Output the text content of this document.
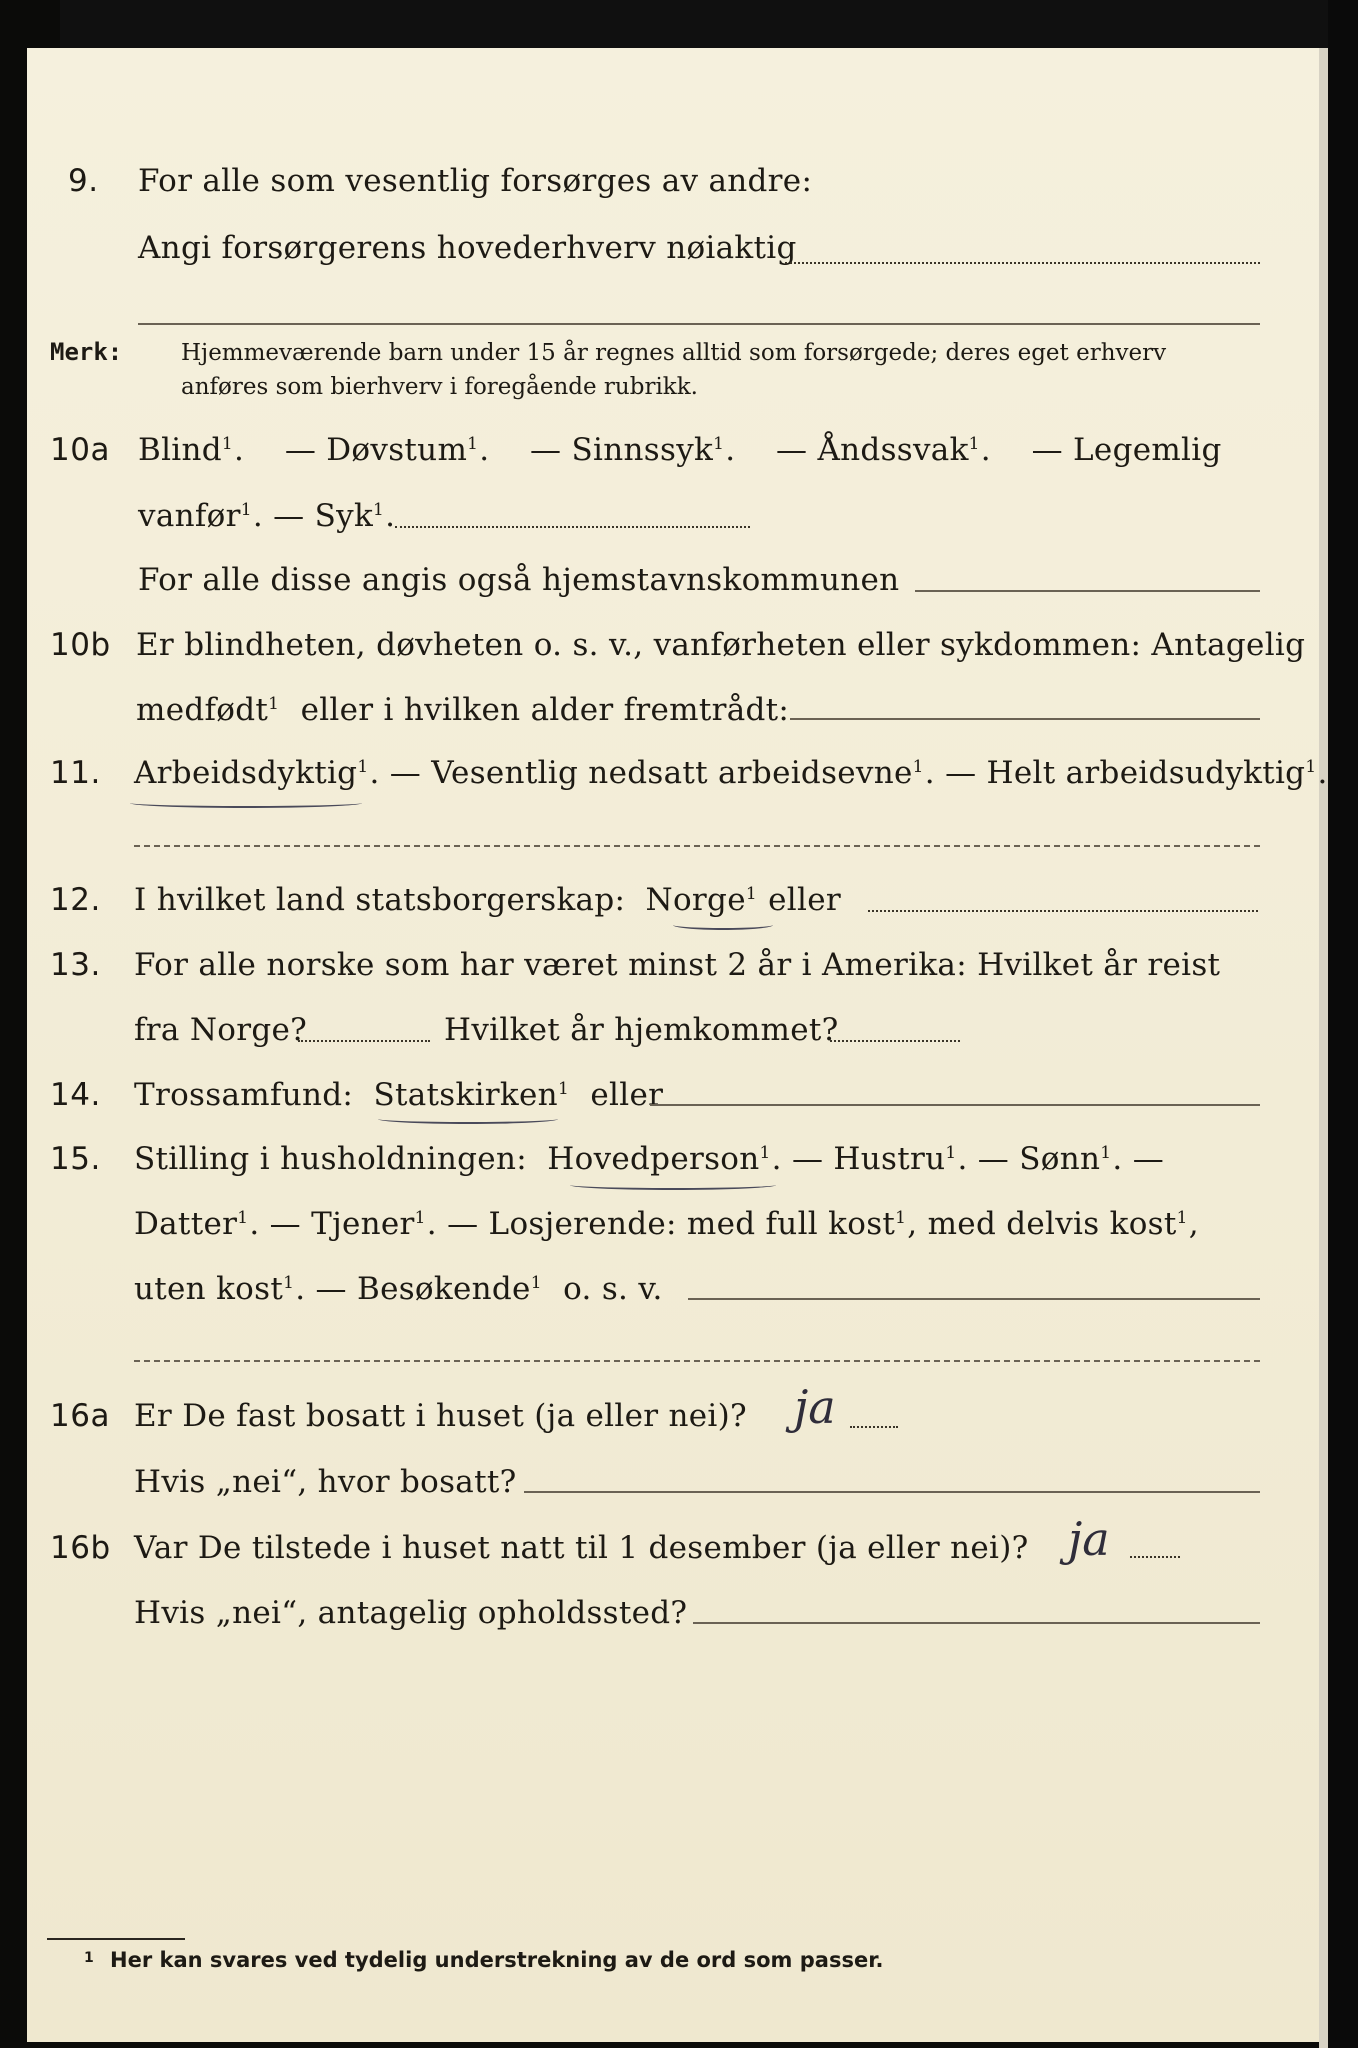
9. For alle som vesentlig forsørges av andre:
Angi forsørgerens hovederhverv nøiaktig
Merk:	Hjemmeværende barn under 15 år regnes alltid som forsørgede; deres eget erhverv
anføres som bierhverv i foregående rubrikk.
10a Blind$^1$.    — Døvstum$^1$.    — Sinnssyk$^1$.    — Åndssvak$^1$.    — Legemlig
vanfør$^1$. — Syk$^1$.
For alle disse angis også hjemstavnskommunen
10b Er blindheten, døvheten o. s. v., vanførheten eller sykdommen: Antagelig
medfødt$^1$ eller i hvilken alder fremtrådt:
11. Arbeidsdyktig$^1$. — Vesentlig nedsatt arbeidsevne$^1$. — Helt arbeidsudyktig$^1$.
12. I hvilket land statsborgerskap: Norge$^1$ eller
13. For alle norske som har været minst 2 år i Amerika: Hvilket år reist
fra Norge?	Hvilket år hjemkommet?
14. Trossamfund: Statskirken$^1$ eller
15. Stilling i husholdningen: Hovedperson$^1$. — Hustru$^1$. — Sønn$^1$. —
Datter$^1$. — Tjener$^1$. — Losjerende: med full kost$^1$, med delvis kost$^1$,
uten kost$^1$. — Besøkende$^1$ o. s. v.
16a Er De fast bosatt i huset (ja eller nei)? ja
Hvis „nei“, hvor bosatt?
16b Var De tilstede i huset natt til 1 desember (ja eller nei)? ja
Hvis „nei“, antagelig opholdssted?
1 Her kan svares ved tydelig understrekning av de ord som passer.
